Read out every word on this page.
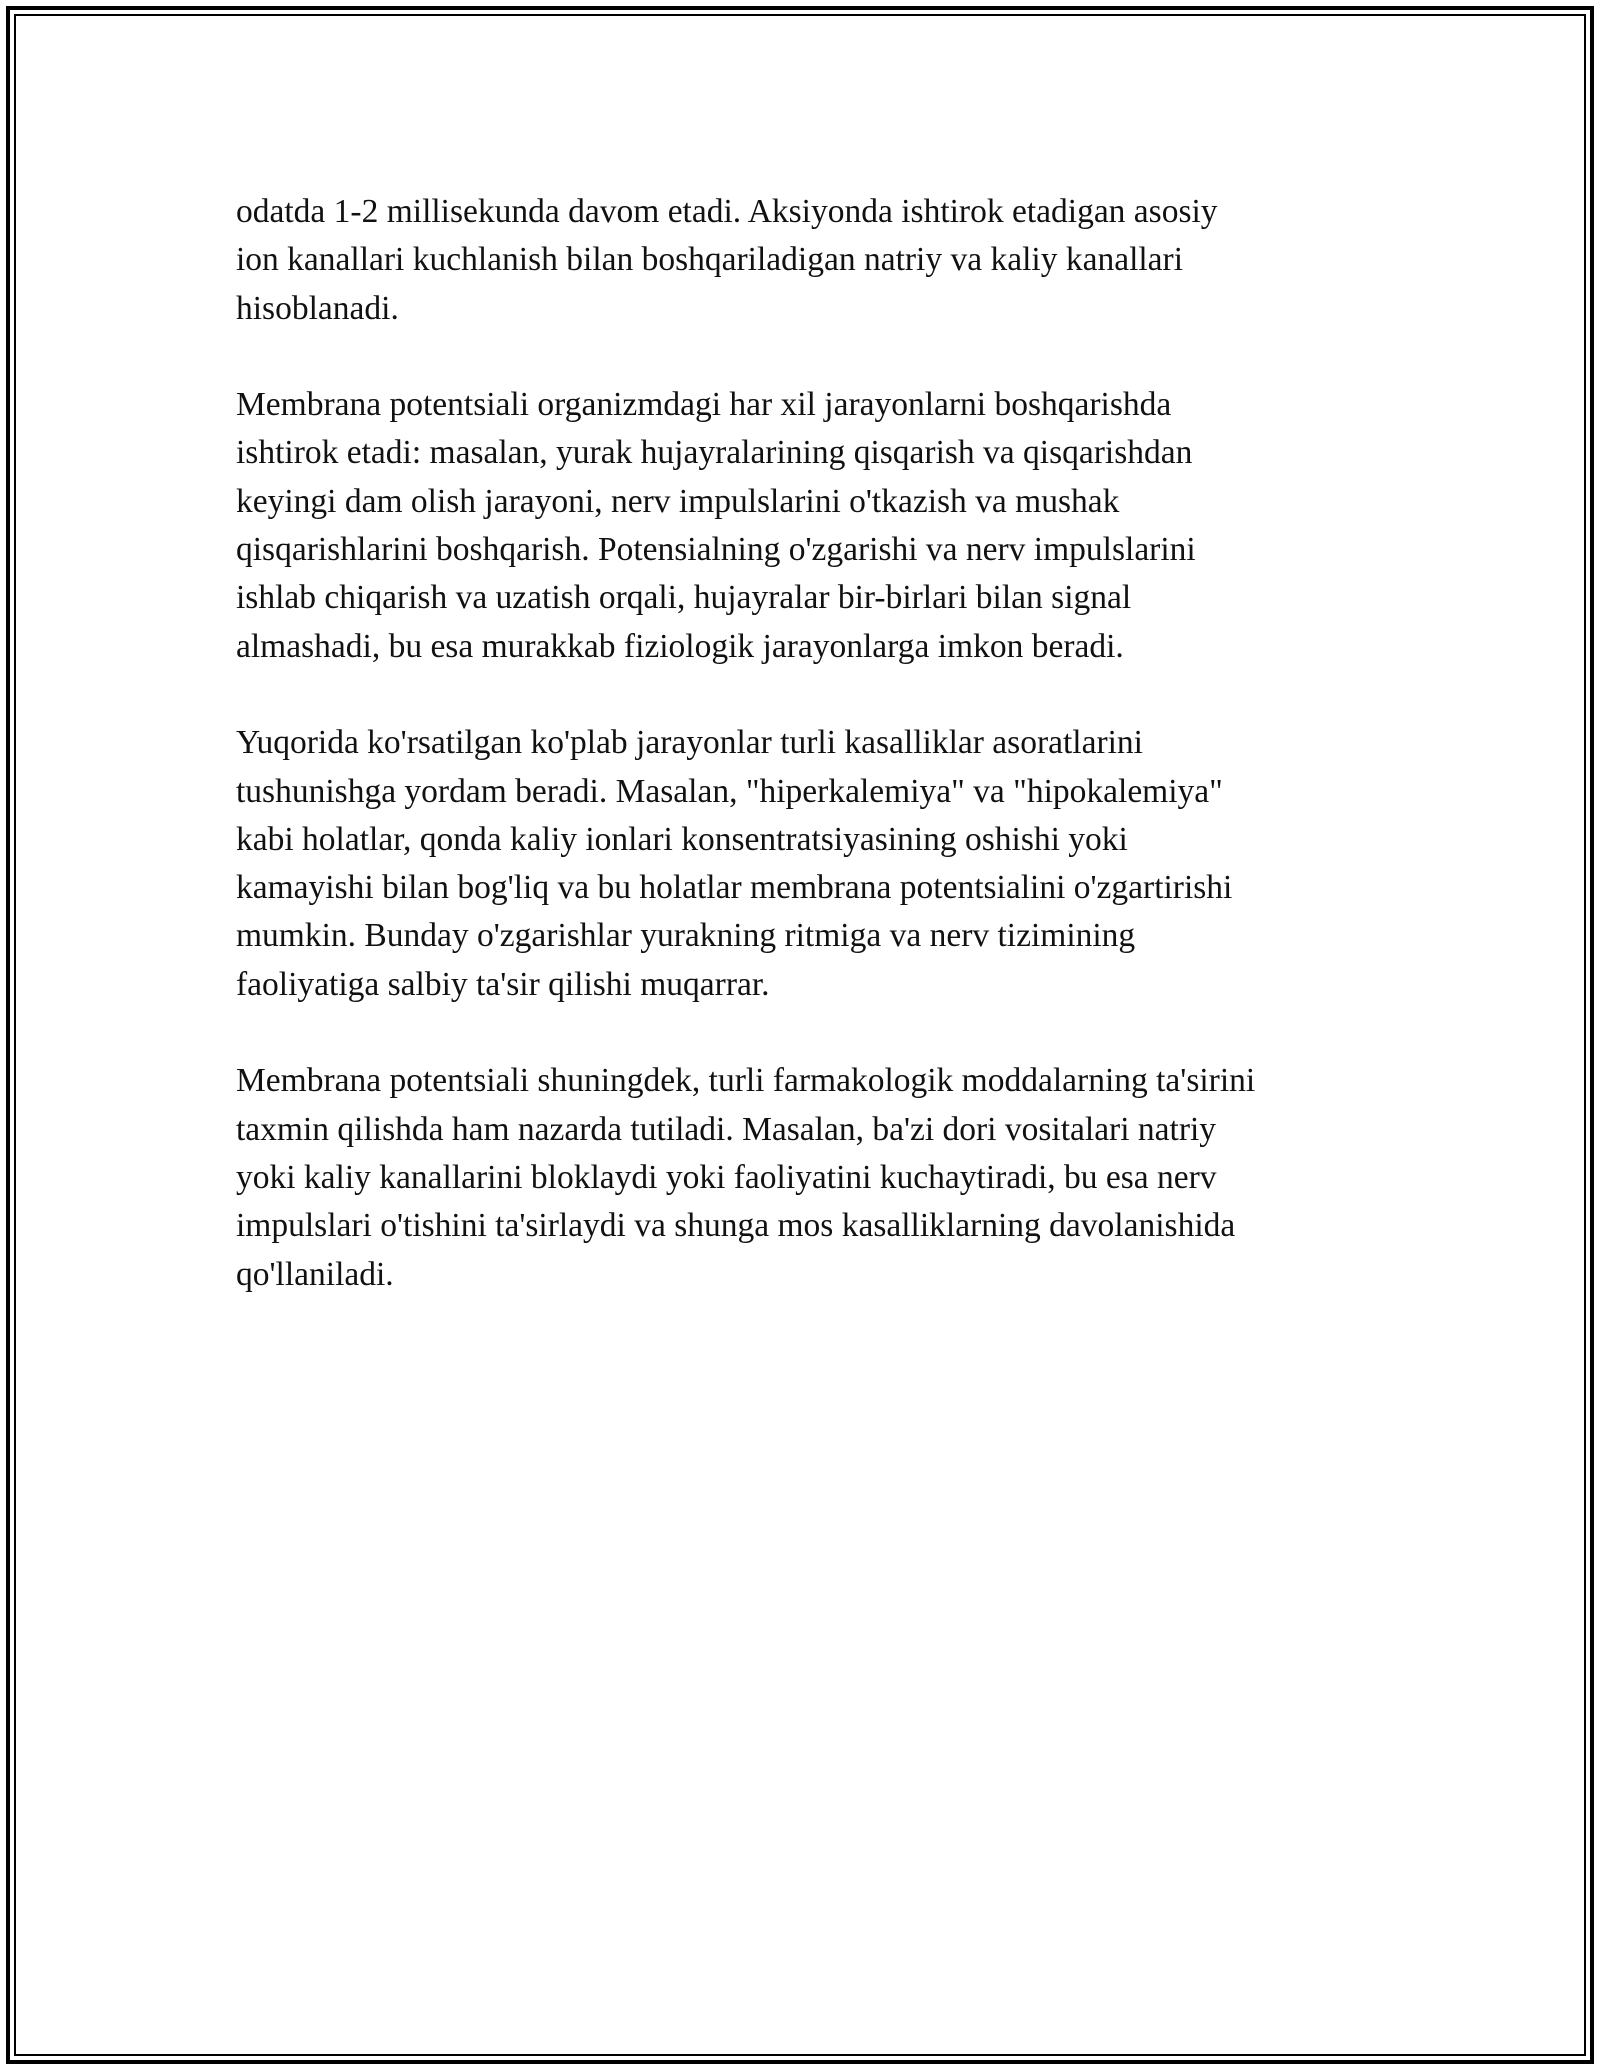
odatda 1-2 millisekunda davom etadi. Aksiyonda ishtirok etadigan asosiy
ion kanallari kuchlanish bilan boshqariladigan natriy va kaliy kanallari
hisoblanadi.

Membrana potentsiali organizmdagi har xil jarayonlarni boshqarishda
ishtirok etadi: masalan, yurak hujayralarining qisqarish va qisqarishdan
keyingi dam olish jarayoni, nerv impulslarini o'tkazish va mushak
qisqarishlarini boshqarish. Potensialning o'zgarishi va nerv impulslarini
ishlab chiqarish va uzatish orqali, hujayralar bir-birlari bilan signal
almashadi, bu esa murakkab fiziologik jarayonlarga imkon beradi.

Yuqorida ko'rsatilgan ko'plab jarayonlar turli kasalliklar asoratlarini
tushunishga yordam beradi. Masalan, "hiperkalemiya" va "hipokalemiya"
kabi holatlar, qonda kaliy ionlari konsentratsiyasining oshishi yoki
kamayishi bilan bog'liq va bu holatlar membrana potentsialini o'zgartirishi
mumkin. Bunday o'zgarishlar yurakning ritmiga va nerv tizimining
faoliyatiga salbiy ta'sir qilishi muqarrar.

Membrana potentsiali shuningdek, turli farmakologik moddalarning ta'sirini
taxmin qilishda ham nazarda tutiladi. Masalan, ba'zi dori vositalari natriy
yoki kaliy kanallarini bloklaydi yoki faoliyatini kuchaytiradi, bu esa nerv
impulslari o'tishini ta'sirlaydi va shunga mos kasalliklarning davolanishida
qo'llaniladi.
